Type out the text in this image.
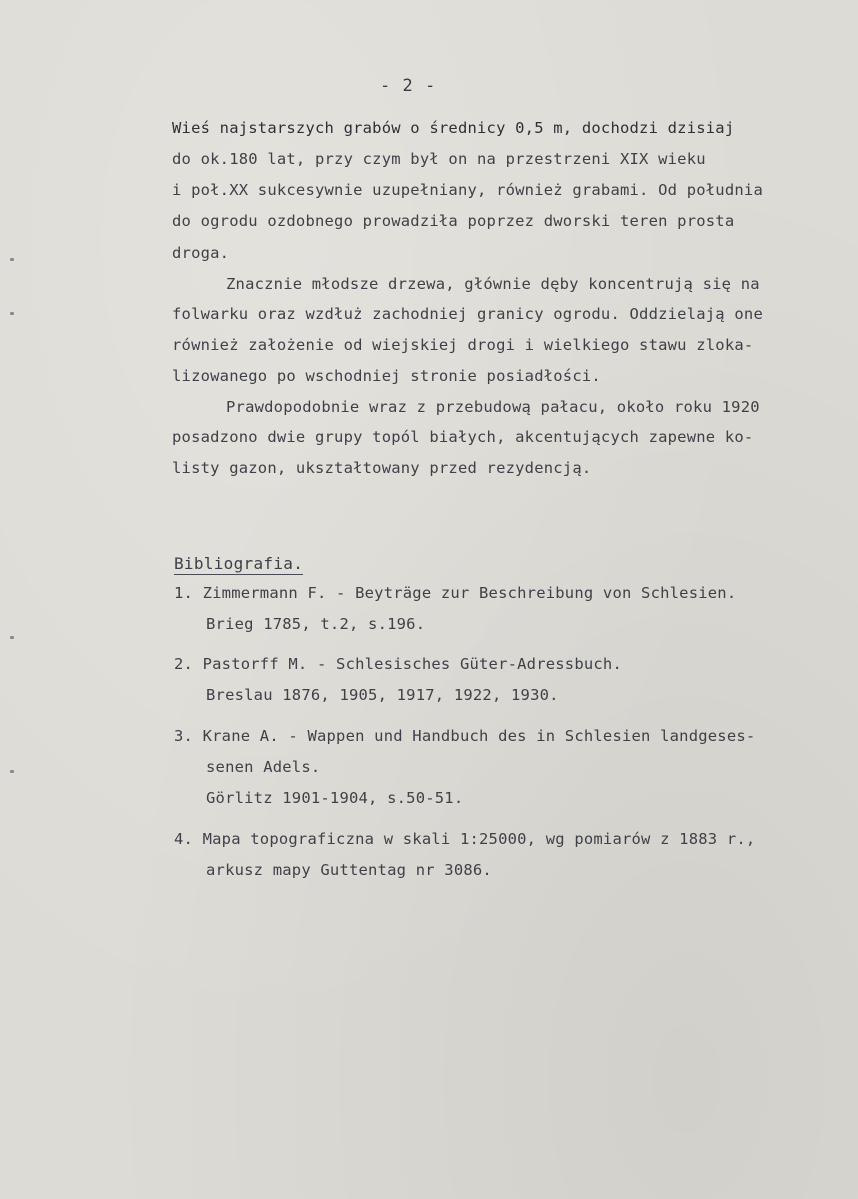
- 2 -
Wieś najstarszych grabów o średnicy 0,5 m, dochodzi dzisiaj
do ok.180 lat, przy czym był on na przestrzeni XIX wieku
i poł.XX sukcesywnie uzupełniany, również grabami. Od południa
do ogrodu ozdobnego prowadziła poprzez dworski teren prosta
droga.
Znacznie młodsze drzewa, głównie dęby koncentrują się na
folwarku oraz wzdłuż zachodniej granicy ogrodu. Oddzielają one
również założenie od wiejskiej drogi i wielkiego stawu zloka-
lizowanego po wschodniej stronie posiadłości.
Prawdopodobnie wraz z przebudową pałacu, około roku 1920
posadzono dwie grupy topól białych, akcentujących zapewne ko-
listy gazon, ukształtowany przed rezydencją.
Bibliografia.
1. Zimmermann F. - Beyträge zur Beschreibung von Schlesien.
Brieg 1785, t.2, s.196.
2. Pastorff M. - Schlesisches Güter-Adressbuch.
Breslau 1876, 1905, 1917, 1922, 1930.
3. Krane A. - Wappen und Handbuch des in Schlesien landgeses-
senen Adels.
Görlitz 1901-1904, s.50-51.
4. Mapa topograficzna w skali 1:25000, wg pomiarów z 1883 r.,
arkusz mapy Guttentag nr 3086.
